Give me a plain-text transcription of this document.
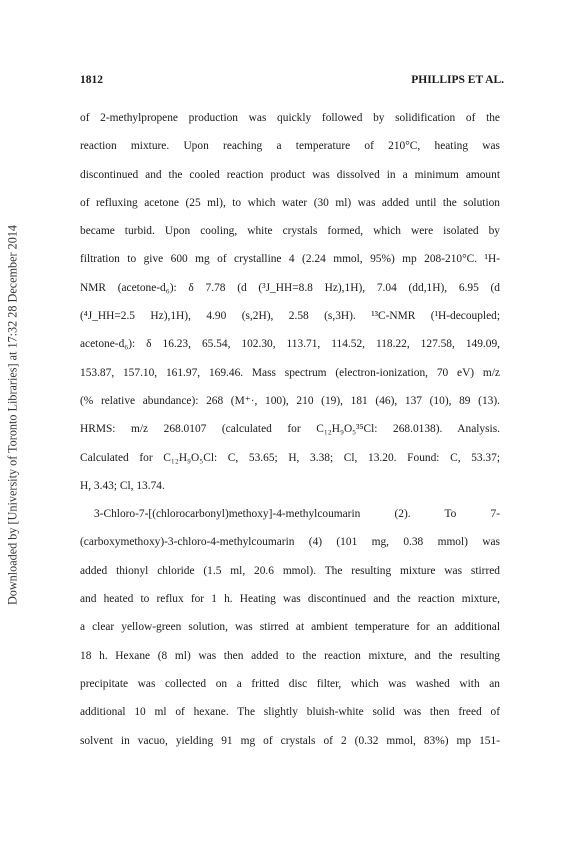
Downloaded by [University of Toronto Libraries] at 17:32 28 December 2014
1812	PHILLIPS ET AL.
of 2-methylpropene production was quickly followed by solidification of the
reaction mixture. Upon reaching a temperature of 210°C, heating was
discontinued and the cooled reaction product was dissolved in a minimum amount
of refluxing acetone (25 ml), to which water (30 ml) was added until the solution
became turbid. Upon cooling, white crystals formed, which were isolated by
filtration to give 600 mg of crystalline 4 (2.24 mmol, 95%) mp 208-210°C. ¹H-
NMR (acetone-d₆): δ 7.78 (d (³J_HH=8.8 Hz),1H), 7.04 (dd,1H), 6.95 (d
(⁴J_HH=2.5 Hz),1H), 4.90 (s,2H), 2.58 (s,3H). ¹³C-NMR (¹H-decoupled;
acetone-d₆): δ 16.23, 65.54, 102.30, 113.71, 114.52, 118.22, 127.58, 149.09,
153.87, 157.10, 161.97, 169.46. Mass spectrum (electron-ionization, 70 eV) m/z
(% relative abundance): 268 (M⁺·, 100), 210 (19), 181 (46), 137 (10), 89 (13).
HRMS: m/z 268.0107 (calculated for C₁₂H₉O₅³⁵Cl: 268.0138). Analysis.
Calculated for C₁₂H₉O₅Cl: C, 53.65; H, 3.38; Cl, 13.20. Found: C, 53.37;
H, 3.43; Cl, 13.74.
3-Chloro-7-[(chlorocarbonyl)methoxy]-4-methylcoumarin (2). To 7-
(carboxymethoxy)-3-chloro-4-methylcoumarin (4) (101 mg, 0.38 mmol) was
added thionyl chloride (1.5 ml, 20.6 mmol). The resulting mixture was stirred
and heated to reflux for 1 h. Heating was discontinued and the reaction mixture,
a clear yellow-green solution, was stirred at ambient temperature for an additional
18 h. Hexane (8 ml) was then added to the reaction mixture, and the resulting
precipitate was collected on a fritted disc filter, which was washed with an
additional 10 ml of hexane. The slightly bluish-white solid was then freed of
solvent in vacuo, yielding 91 mg of crystals of 2 (0.32 mmol, 83%) mp 151-
